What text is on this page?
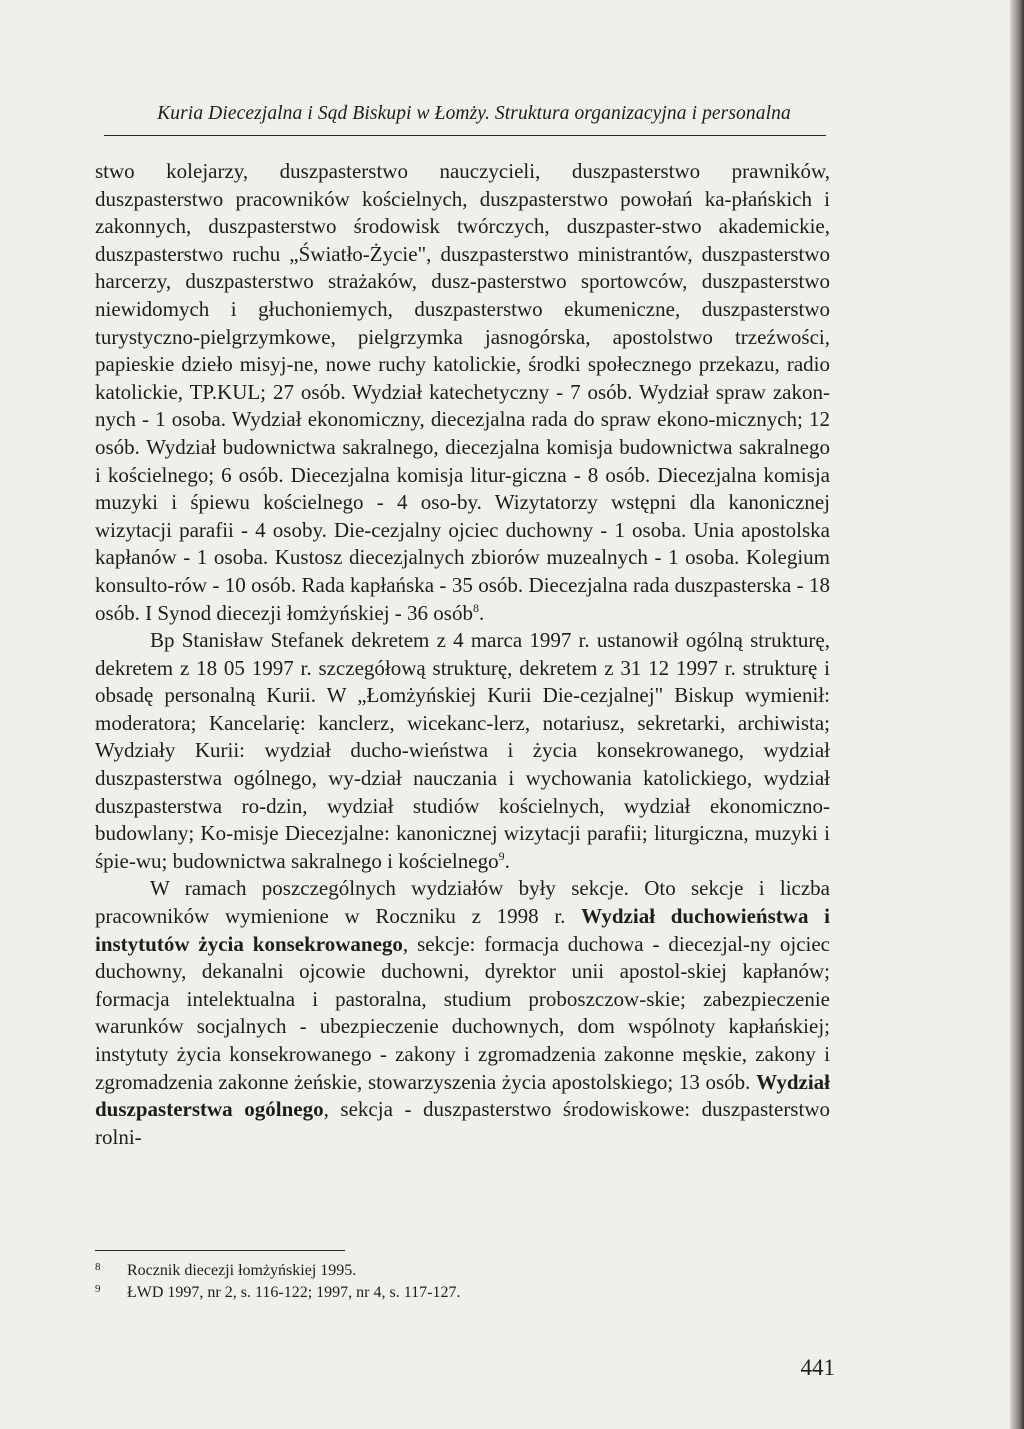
Kuria Diecezjalna i Sąd Biskupi w Łomży. Struktura organizacyjna i personalna

stwo kolejarzy, duszpasterstwo nauczycieli, duszpasterstwo prawników, duszpasterstwo pracowników kościelnych, duszpasterstwo powołań ka-płańskich i zakonnych, duszpasterstwo środowisk twórczych, duszpaster-stwo akademickie, duszpasterstwo ruchu „Światło-Życie", duszpasterstwo ministrantów, duszpasterstwo harcerzy, duszpasterstwo strażaków, dusz-pasterstwo sportowców, duszpasterstwo niewidomych i głuchoniemych, duszpasterstwo ekumeniczne, duszpasterstwo turystyczno-pielgrzymkowe, pielgrzymka jasnogórska, apostolstwo trzeźwości, papieskie dzieło misyj-ne, nowe ruchy katolickie, środki społecznego przekazu, radio katolickie, TP.KUL; 27 osób. Wydział katechetyczny - 7 osób. Wydział spraw zakon-nych - 1 osoba. Wydział ekonomiczny, diecezjalna rada do spraw ekono-micznych; 12 osób. Wydział budownictwa sakralnego, diecezjalna komisja budownictwa sakralnego i kościelnego; 6 osób. Diecezjalna komisja litur-giczna - 8 osób. Diecezjalna komisja muzyki i śpiewu kościelnego - 4 oso-by. Wizytatorzy wstępni dla kanonicznej wizytacji parafii - 4 osoby. Die-cezjalny ojciec duchowny - 1 osoba. Unia apostolska kapłanów - 1 osoba. Kustosz diecezjalnych zbiorów muzealnych - 1 osoba. Kolegium konsulto-rów - 10 osób. Rada kapłańska - 35 osób. Diecezjalna rada duszpasterska - 18 osób. I Synod diecezji łomżyńskiej - 36 osób$^8$.

Bp Stanisław Stefanek dekretem z 4 marca 1997 r. ustanowił ogólną strukturę, dekretem z 18 05 1997 r. szczegółową strukturę, dekretem z 31 12 1997 r. strukturę i obsadę personalną Kurii. W „Łomżyńskiej Kurii Die-cezjalnej" Biskup wymienił: moderatora; Kancelarię: kanclerz, wicekanc-lerz, notariusz, sekretarki, archiwista; Wydziały Kurii: wydział ducho-wieństwa i życia konsekrowanego, wydział duszpasterstwa ogólnego, wy-dział nauczania i wychowania katolickiego, wydział duszpasterstwa ro-dzin, wydział studiów kościelnych, wydział ekonomiczno-budowlany; Ko-misje Diecezjalne: kanonicznej wizytacji parafii; liturgiczna, muzyki i śpie-wu; budownictwa sakralnego i kościelnego$^9$.

W ramach poszczególnych wydziałów były sekcje. Oto sekcje i liczba pracowników wymienione w Roczniku z 1998 r. Wydział duchowieństwa i instytutów życia konsekrowanego, sekcje: formacja duchowa - diecezjal-ny ojciec duchowny, dekanalni ojcowie duchowni, dyrektor unii apostol-skiej kapłanów; formacja intelektualna i pastoralna, studium proboszczow-skie; zabezpieczenie warunków socjalnych - ubezpieczenie duchownych, dom wspólnoty kapłańskiej; instytuty życia konsekrowanego - zakony i zgromadzenia zakonne męskie, zakony i zgromadzenia zakonne żeńskie, stowarzyszenia życia apostolskiego; 13 osób. Wydział duszpasterstwa ogólnego, sekcja - duszpasterstwo środowiskowe: duszpasterstwo rolni-

8	Rocznik diecezji łomżyńskiej 1995.
9	ŁWD 1997, nr 2, s. 116-122; 1997, nr 4, s. 117-127.
441
